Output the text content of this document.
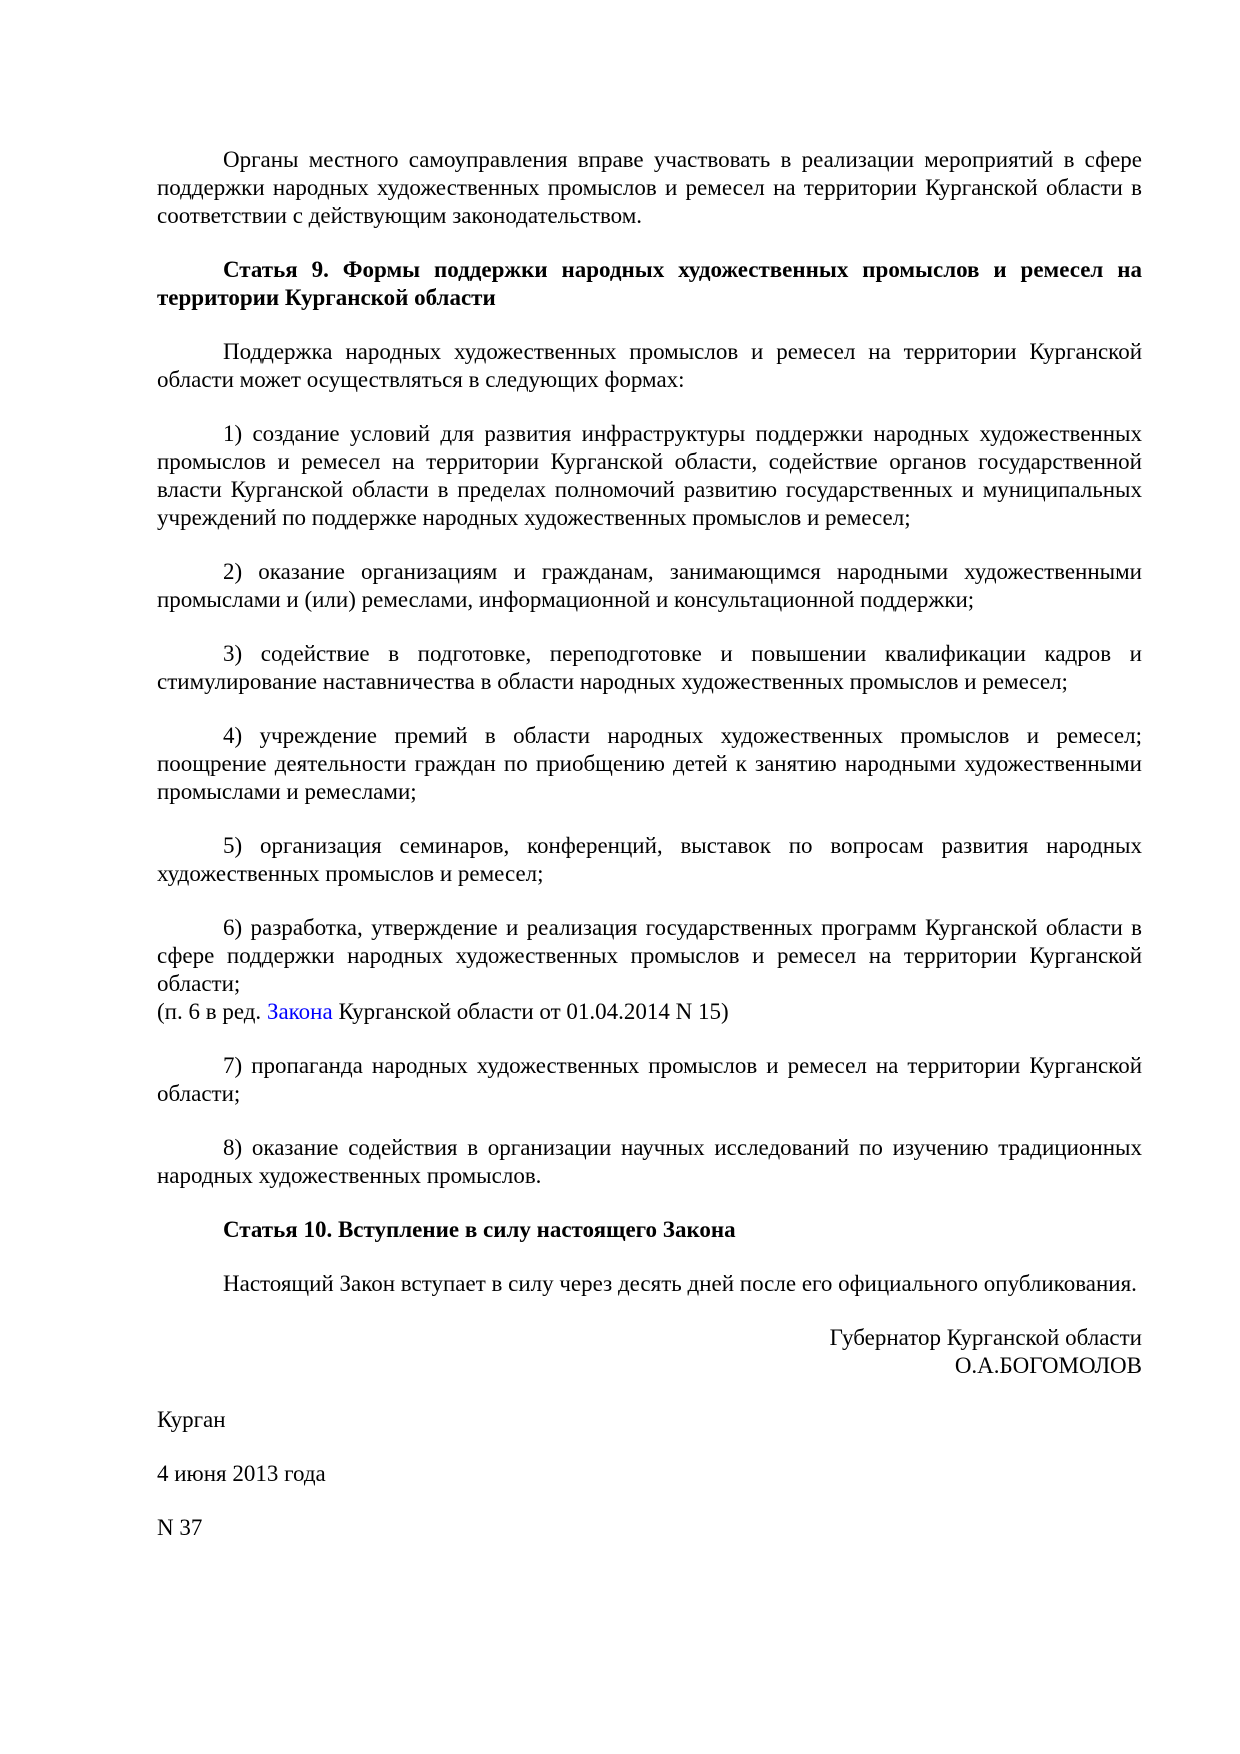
Органы местного самоуправления вправе участвовать в реализации мероприятий в сфере поддержки народных художественных промыслов и ремесел на территории Курганской области в соответствии с действующим законодательством.

Статья 9. Формы поддержки народных художественных промыслов и ремесел на территории Курганской области

Поддержка народных художественных промыслов и ремесел на территории Курганской области может осуществляться в следующих формах:

1) создание условий для развития инфраструктуры поддержки народных художественных промыслов и ремесел на территории Курганской области, содействие органов государственной власти Курганской области в пределах полномочий развитию государственных и муниципальных учреждений по поддержке народных художественных промыслов и ремесел;

2) оказание организациям и гражданам, занимающимся народными художественными промыслами и (или) ремеслами, информационной и консультационной поддержки;

3) содействие в подготовке, переподготовке и повышении квалификации кадров и стимулирование наставничества в области народных художественных промыслов и ремесел;

4) учреждение премий в области народных художественных промыслов и ремесел; поощрение деятельности граждан по приобщению детей к занятию народными художественными промыслами и ремеслами;

5) организация семинаров, конференций, выставок по вопросам развития народных художественных промыслов и ремесел;

6) разработка, утверждение и реализация государственных программ Курганской области в сфере поддержки народных художественных промыслов и ремесел на территории Курганской области;

(п. 6 в ред. Закона Курганской области от 01.04.2014 N 15)

7) пропаганда народных художественных промыслов и ремесел на территории Курганской области;

8) оказание содействия в организации научных исследований по изучению традиционных народных художественных промыслов.

Статья 10. Вступление в силу настоящего Закона

Настоящий Закон вступает в силу через десять дней после его официального опубликования.

Губернатор Курганской области
О.А.БОГОМОЛОВ

Курган

4 июня 2013 года

N 37
